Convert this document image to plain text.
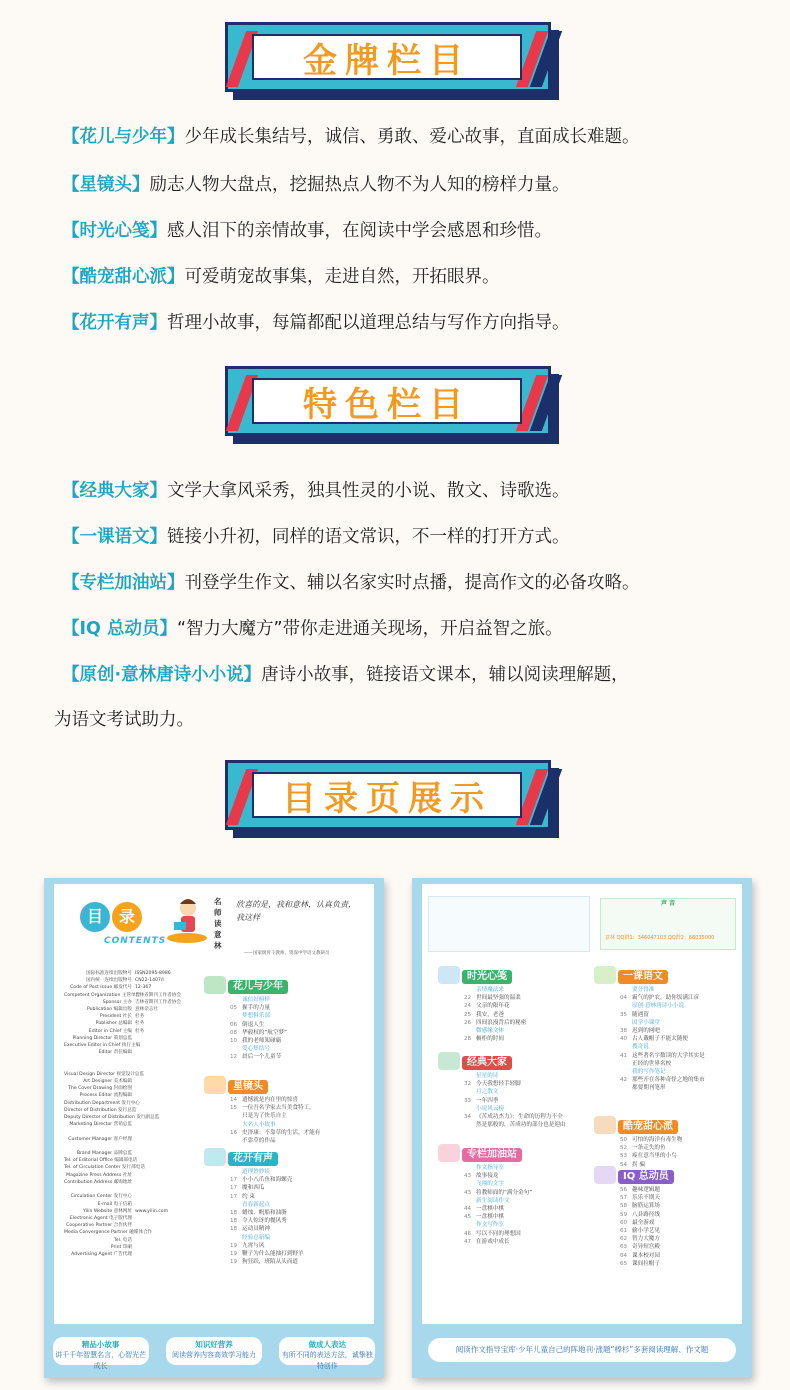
金牌栏目
【花儿与少年】少年成长集结号，诚信、勇敢、爱心故事，直面成长难题。
【星镜头】励志人物大盘点，挖掘热点人物不为人知的榜样力量。
【时光心笺】感人泪下的亲情故事，在阅读中学会感恩和珍惜。
【酷宠甜心派】可爱萌宠故事集，走进自然，开拓眼界。
【花开有声】哲理小故事，每篇都配以道理总结与写作方向指导。
特色栏目
【经典大家】文学大拿风采秀，独具性灵的小说、散文、诗歌选。
【一课语文】链接小升初，同样的语文常识，不一样的打开方式。
【专栏加油站】刊登学生作文、辅以名家实时点播，提高作文的必备攻略。
【IQ 总动员】“智力大魔方”带你走进通关现场，开启益智之旅。
【原创·意林唐诗小小说】唐诗小故事，链接语文课本，辅以阅读理解题，
为语文考试助力。
目录页展示
目 录
CONTENTS
名师读意林
欣喜的是，我和意林，认真负责，我这样
——国家级骨干教师，资深中学语文教研员
国际标准连续出版物号 ISSN2095-8986
国内统一连续出版物号 CN22-1407/I
Code of Post Issue 邮发代号 12-367
Competent Organization 主管单位吉林省期刊工作者协会
Sponsor 主办 吉林省期刊工作者协会
Publication 编辑出版 意林杂志社
President 社长 杜务
Publisher 总编辑 杜务
Editor in Chief 主编 杜务
Planning Director 策划总监
Executive Editor in Chief 执行主编
Editor 责任编辑
Visual Design Director 视觉设计总监
Art Designer 美术编辑
The Cover Drawing 封面绘图
Process Editor 流程编辑
Distribution Department 发行中心
Director of Distribution 发行总监
Deputy Director of Distribution 发行副总监
Marketing Director 营销总监
Customer Manager 客户经理
Brand Manager 品牌总监
Tel. of Editorial Office 编辑部电话
Tel. of Circulation Center 发行部电话
Magazine Press Address 社址
Contribution Address 邮购地址
Circulation Center 发行中心
E-mail 电子信箱
Yilin Website 意林网址 www.yilin.com
Electronic Agent 电子版代理
Cooperative Partner 合作伙伴
Media Convergence Partner 融媒体合作
Tel. 电话
Print 印刷
Advertising Agent 广告代理
花儿与少年
诚信好榜样
05 握手的力量
梦想俱乐部
06 倒退人生
08 华毅权的“航空梦”
10 我的老师架碰霸
爱心集结号
12 晨后一个儿童节
星镜头
14 遗憾就是内在里的惊喜
15 一位吾名学家去当美食特工，
只是为了快乐自主
大名人小故事
16 史泽康：不靠草的生活，才能有
不靠草的作品
花开有声
道理妙妙谈
17 小小八爪鱼和海螺壳
17 魔和西瓜
17 约 束
青春新起点
18 蜡烛、帆船和油脂
18 令人惊讶的餐风秀
18 运动员精神
经验总新编
19 九霄与风
19 鞭子为什么能抽打到野羊
19 狗狂跃，班陌从头而道
精品小故事
讲千千年智慧名言，心智光芒成长
知识好营养
阅读营养内容高效学习能力
做成人表达
有所不同的表达方法，诚挚独特创作
声 音
意林 QQ群1：346047103 QQ群2：66035000
时光心笺
亲情魔法来
22 世间最坚强的温柔
24 父亲的限年花
25 我安，老爸
26 四间浪漫背后的秘密
微感缘文体
28 橱柜的时间
经典大家
星星的诗
32 今天我想轻手轻脚
月之散文
33 一年四季
小说风云榜
34 《苦成功杰力》：生命的历程力不全
然是那般的，苦成功的部分也是迎由
专栏加油站
作文指导室
43 故事接龙
飞翔的文字
43 将教师面的“满分金句”
新生阅读作文
44 一盘棋中棋
45 一盘棋中棋
作文写作室
46 写以不同的理想国
47 在游戏中成长
一课语文
要分得准
04 霸气的护农，助你饭满江彦
原创·意林唐诗小小说
35 随遇留
国学小课堂
38 迟到的网吧
40 古人戴帽子不能太随便
搜奇说
41 这些著名字数读的大学其实是
正经的世界名校
我的写作笔记
42 那些开在各种奇怪之地的集市
都要期刊笔形
酷宠甜心派
50 可怕的海洋有毒生物
52 一条走失的鱼
53 疼在意当里的小鸟
54 拐 骗
IQ 总动员
56 趣味逻辑题
57 乐乐不期天
58 脑筋运算场
59 八卦路径线
60 最全游戏
61 偷小学艺见
62 智力大魔方
63 奇异短宫殿
64 课本校对园
65 课间拉帽子
阅读作文指导宝库·少年儿童自己的阵地刊·涨题“棒杉”多套阅读理解、作文题
